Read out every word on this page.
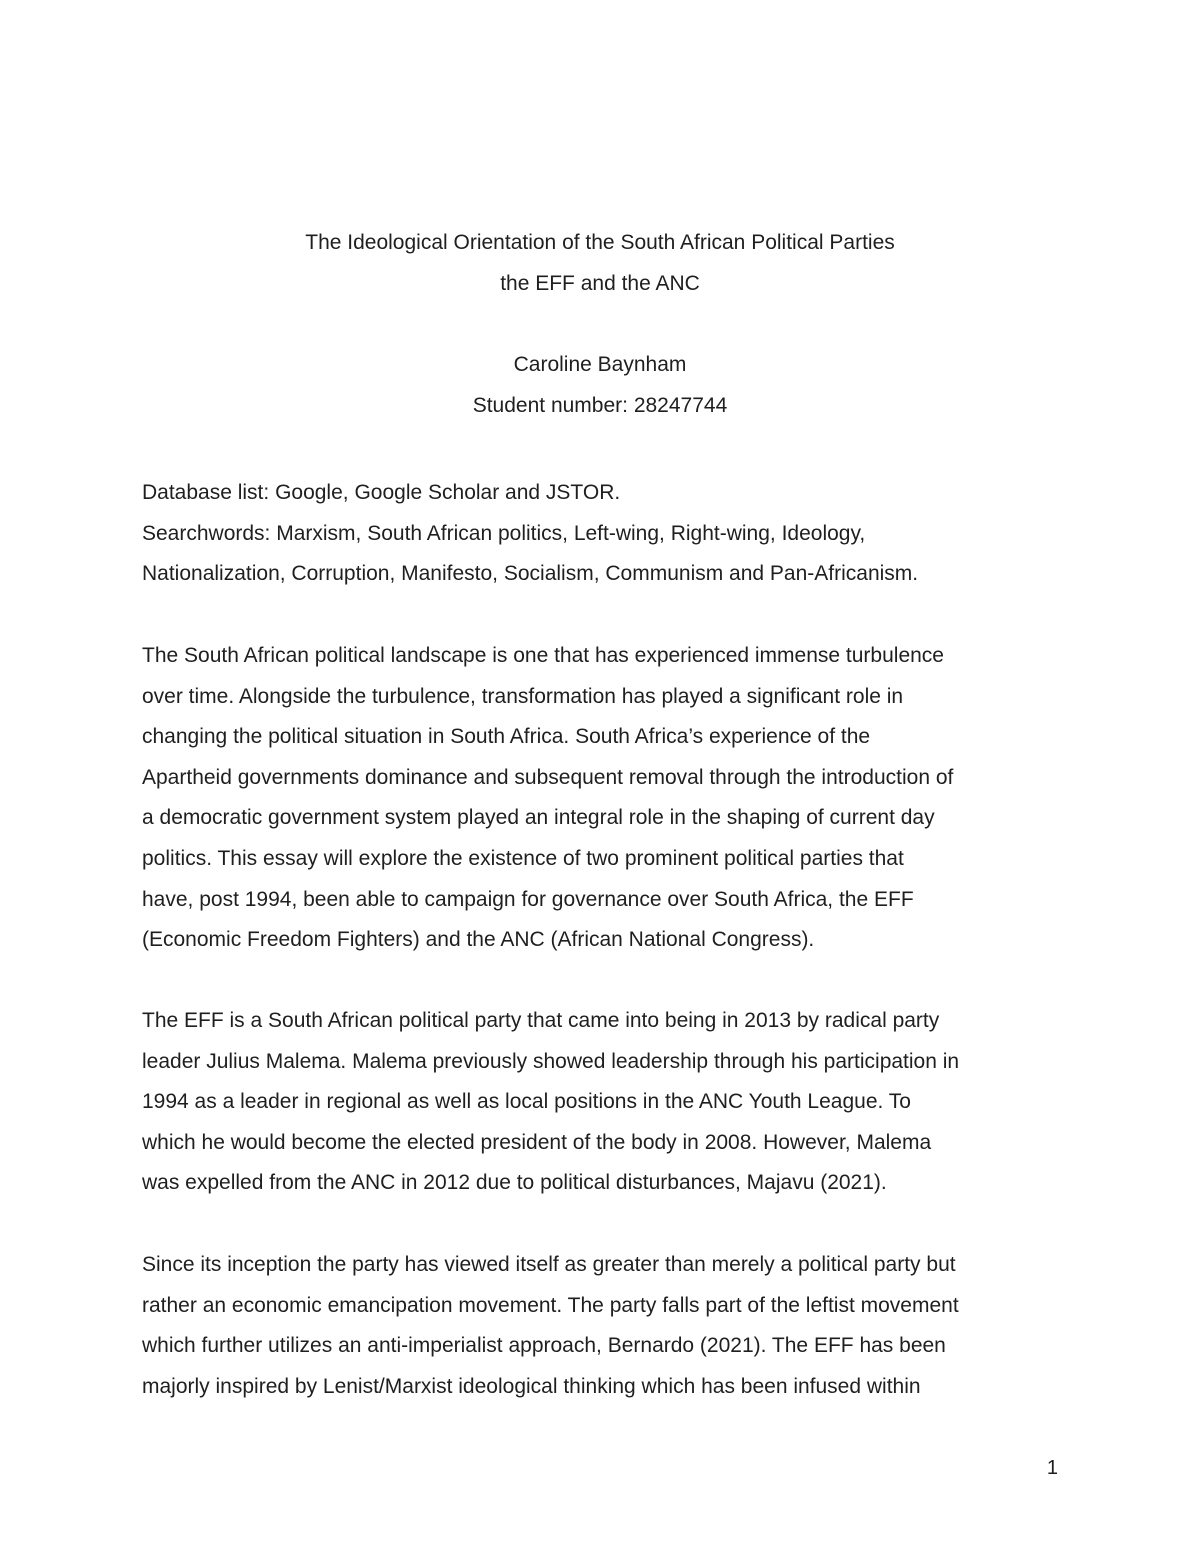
The Ideological Orientation of the South African Political Parties
the EFF and the ANC
Caroline Baynham
Student number: 28247744
Database list: Google, Google Scholar and JSTOR.
Searchwords: Marxism, South African politics, Left-wing, Right-wing, Ideology,
Nationalization, Corruption, Manifesto, Socialism, Communism and Pan-Africanism.
The South African political landscape is one that has experienced immense turbulence
over time. Alongside the turbulence, transformation has played a significant role in
changing the political situation in South Africa. South Africa’s experience of the
Apartheid governments dominance and subsequent removal through the introduction of
a democratic government system played an integral role in the shaping of current day
politics. This essay will explore the existence of two prominent political parties that
have, post 1994, been able to campaign for governance over South Africa, the EFF
(Economic Freedom Fighters) and the ANC (African National Congress).
The EFF is a South African political party that came into being in 2013 by radical party
leader Julius Malema. Malema previously showed leadership through his participation in
1994 as a leader in regional as well as local positions in the ANC Youth League. To
which he would become the elected president of the body in 2008. However, Malema
was expelled from the ANC in 2012 due to political disturbances, Majavu (2021).
Since its inception the party has viewed itself as greater than merely a political party but
rather an economic emancipation movement. The party falls part of the leftist movement
which further utilizes an anti-imperialist approach, Bernardo (2021). The EFF has been
majorly inspired by Lenist/Marxist ideological thinking which has been infused within
1
